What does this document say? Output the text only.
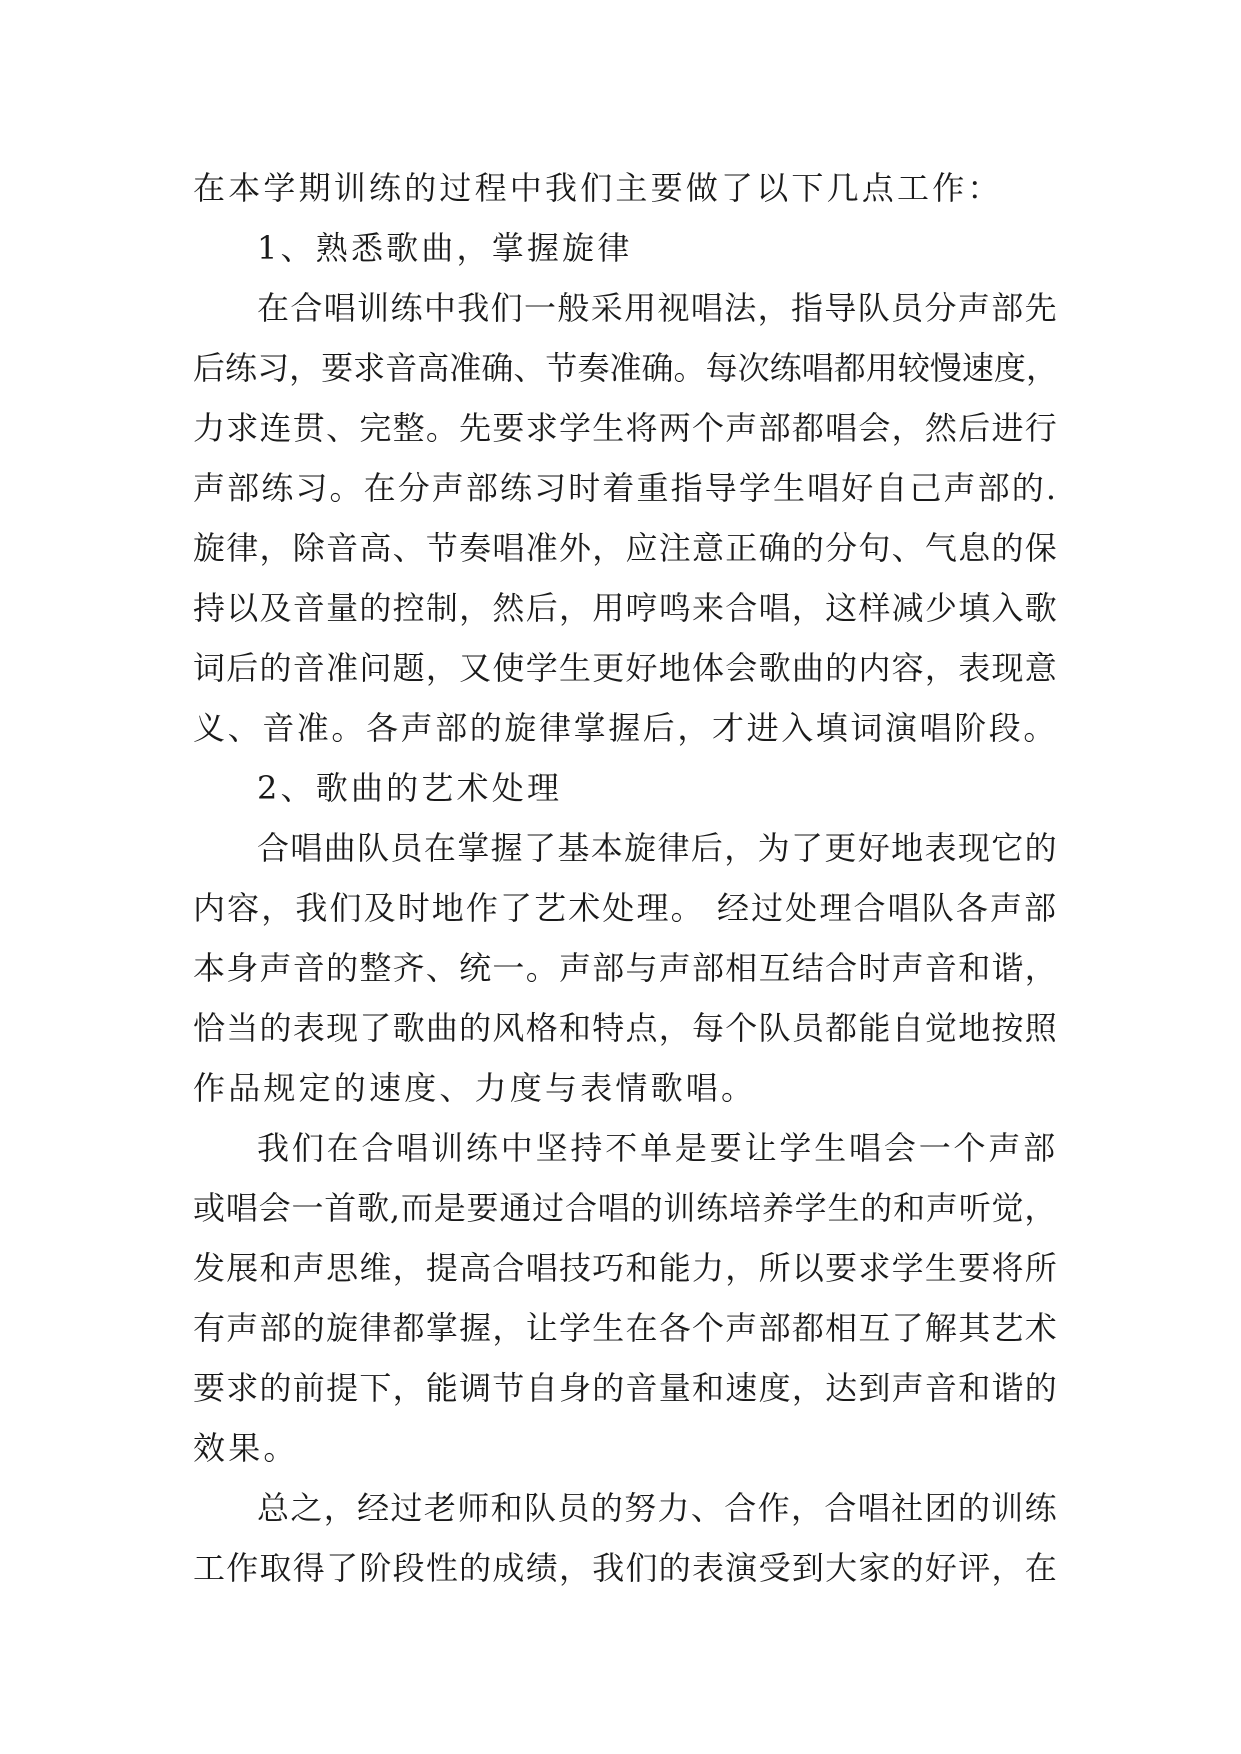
在本学期训练的过程中我们主要做了以下几点工作：
1、熟悉歌曲，掌握旋律
在合唱训练中我们一般采用视唱法，指导队员分声部先
后练习，要求音高准确、节奏准确。每次练唱都用较慢速度，
力求连贯、完整。先要求学生将两个声部都唱会，然后进行
声部练习。在分声部练习时着重指导学生唱好自己声部的.
旋律，除音高、节奏唱准外，应注意正确的分句、气息的保
持以及音量的控制，然后，用哼鸣来合唱，这样减少填入歌
词后的音准问题，又使学生更好地体会歌曲的内容，表现意
义、音准。各声部的旋律掌握后，才进入填词演唱阶段。
2、歌曲的艺术处理
合唱曲队员在掌握了基本旋律后，为了更好地表现它的
内容，我们及时地作了艺术处理。 经过处理合唱队各声部
本身声音的整齐、统一。声部与声部相互结合时声音和谐，
恰当的表现了歌曲的风格和特点，每个队员都能自觉地按照
作品规定的速度、力度与表情歌唱。
我们在合唱训练中坚持不单是要让学生唱会一个声部
或唱会一首歌,而是要通过合唱的训练培养学生的和声听觉，
发展和声思维，提高合唱技巧和能力，所以要求学生要将所
有声部的旋律都掌握，让学生在各个声部都相互了解其艺术
要求的前提下，能调节自身的音量和速度，达到声音和谐的
效果。
总之，经过老师和队员的努力、合作，合唱社团的训练
工作取得了阶段性的成绩，我们的表演受到大家的好评，在
